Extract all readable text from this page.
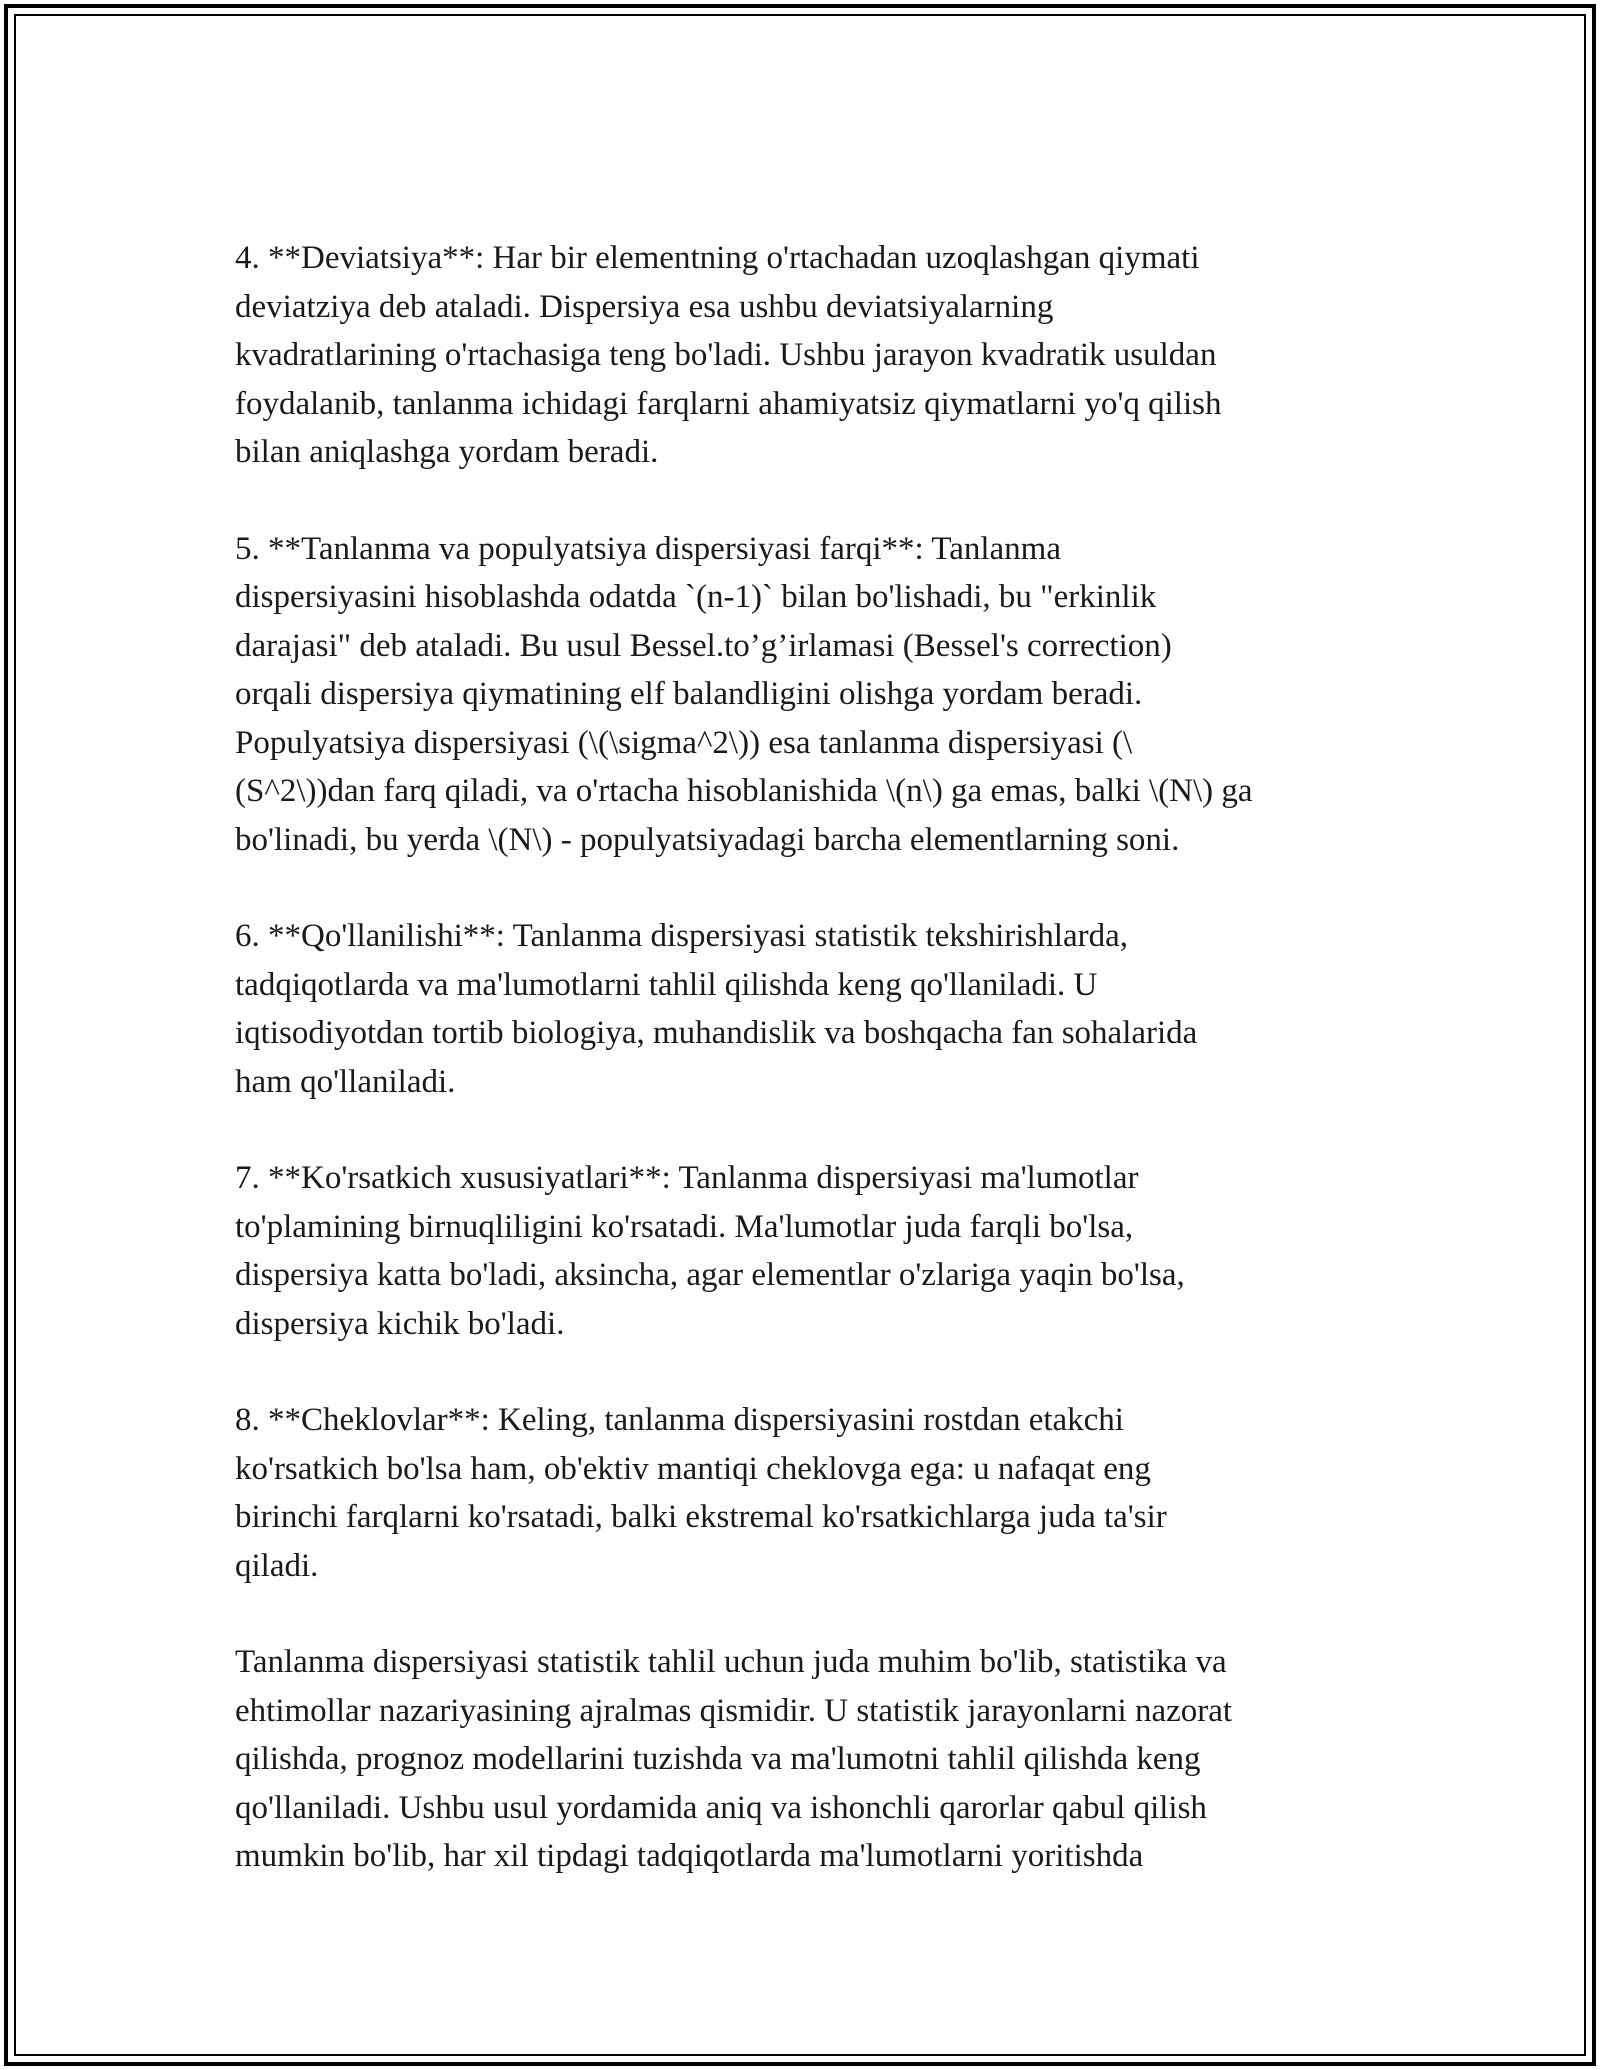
4. **Deviatsiya**: Har bir elementning o'rtachadan uzoqlashgan qiymati
deviatziya deb ataladi. Dispersiya esa ushbu deviatsiyalarning
kvadratlarining o'rtachasiga teng bo'ladi. Ushbu jarayon kvadratik usuldan
foydalanib, tanlanma ichidagi farqlarni ahamiyatsiz qiymatlarni yo'q qilish
bilan aniqlashga yordam beradi.

5. **Tanlanma va populyatsiya dispersiyasi farqi**: Tanlanma
dispersiyasini hisoblashda odatda `(n-1)` bilan bo'lishadi, bu "erkinlik
darajasi" deb ataladi. Bu usul Bessel.to’g’irlamasi (Bessel's correction)
orqali dispersiya qiymatining elf balandligini olishga yordam beradi.
Populyatsiya dispersiyasi (\(\sigma^2\)) esa tanlanma dispersiyasi (\
(S^2\))dan farq qiladi, va o'rtacha hisoblanishida \(n\) ga emas, balki \(N\) ga
bo'linadi, bu yerda \(N\) - populyatsiyadagi barcha elementlarning soni.

6. **Qo'llanilishi**: Tanlanma dispersiyasi statistik tekshirishlarda,
tadqiqotlarda va ma'lumotlarni tahlil qilishda keng qo'llaniladi. U
iqtisodiyotdan tortib biologiya, muhandislik va boshqacha fan sohalarida
ham qo'llaniladi.

7. **Ko'rsatkich xususiyatlari**: Tanlanma dispersiyasi ma'lumotlar
to'plamining birnuqliligini ko'rsatadi. Ma'lumotlar juda farqli bo'lsa,
dispersiya katta bo'ladi, aksincha, agar elementlar o'zlariga yaqin bo'lsa,
dispersiya kichik bo'ladi.

8. **Cheklovlar**: Keling, tanlanma dispersiyasini rostdan etakchi
ko'rsatkich bo'lsa ham, ob'ektiv mantiqi cheklovga ega: u nafaqat eng
birinchi farqlarni ko'rsatadi, balki ekstremal ko'rsatkichlarga juda ta'sir
qiladi.

Tanlanma dispersiyasi statistik tahlil uchun juda muhim bo'lib, statistika va
ehtimollar nazariyasining ajralmas qismidir. U statistik jarayonlarni nazorat
qilishda, prognoz modellarini tuzishda va ma'lumotni tahlil qilishda keng
qo'llaniladi. Ushbu usul yordamida aniq va ishonchli qarorlar qabul qilish
mumkin bo'lib, har xil tipdagi tadqiqotlarda ma'lumotlarni yoritishda
